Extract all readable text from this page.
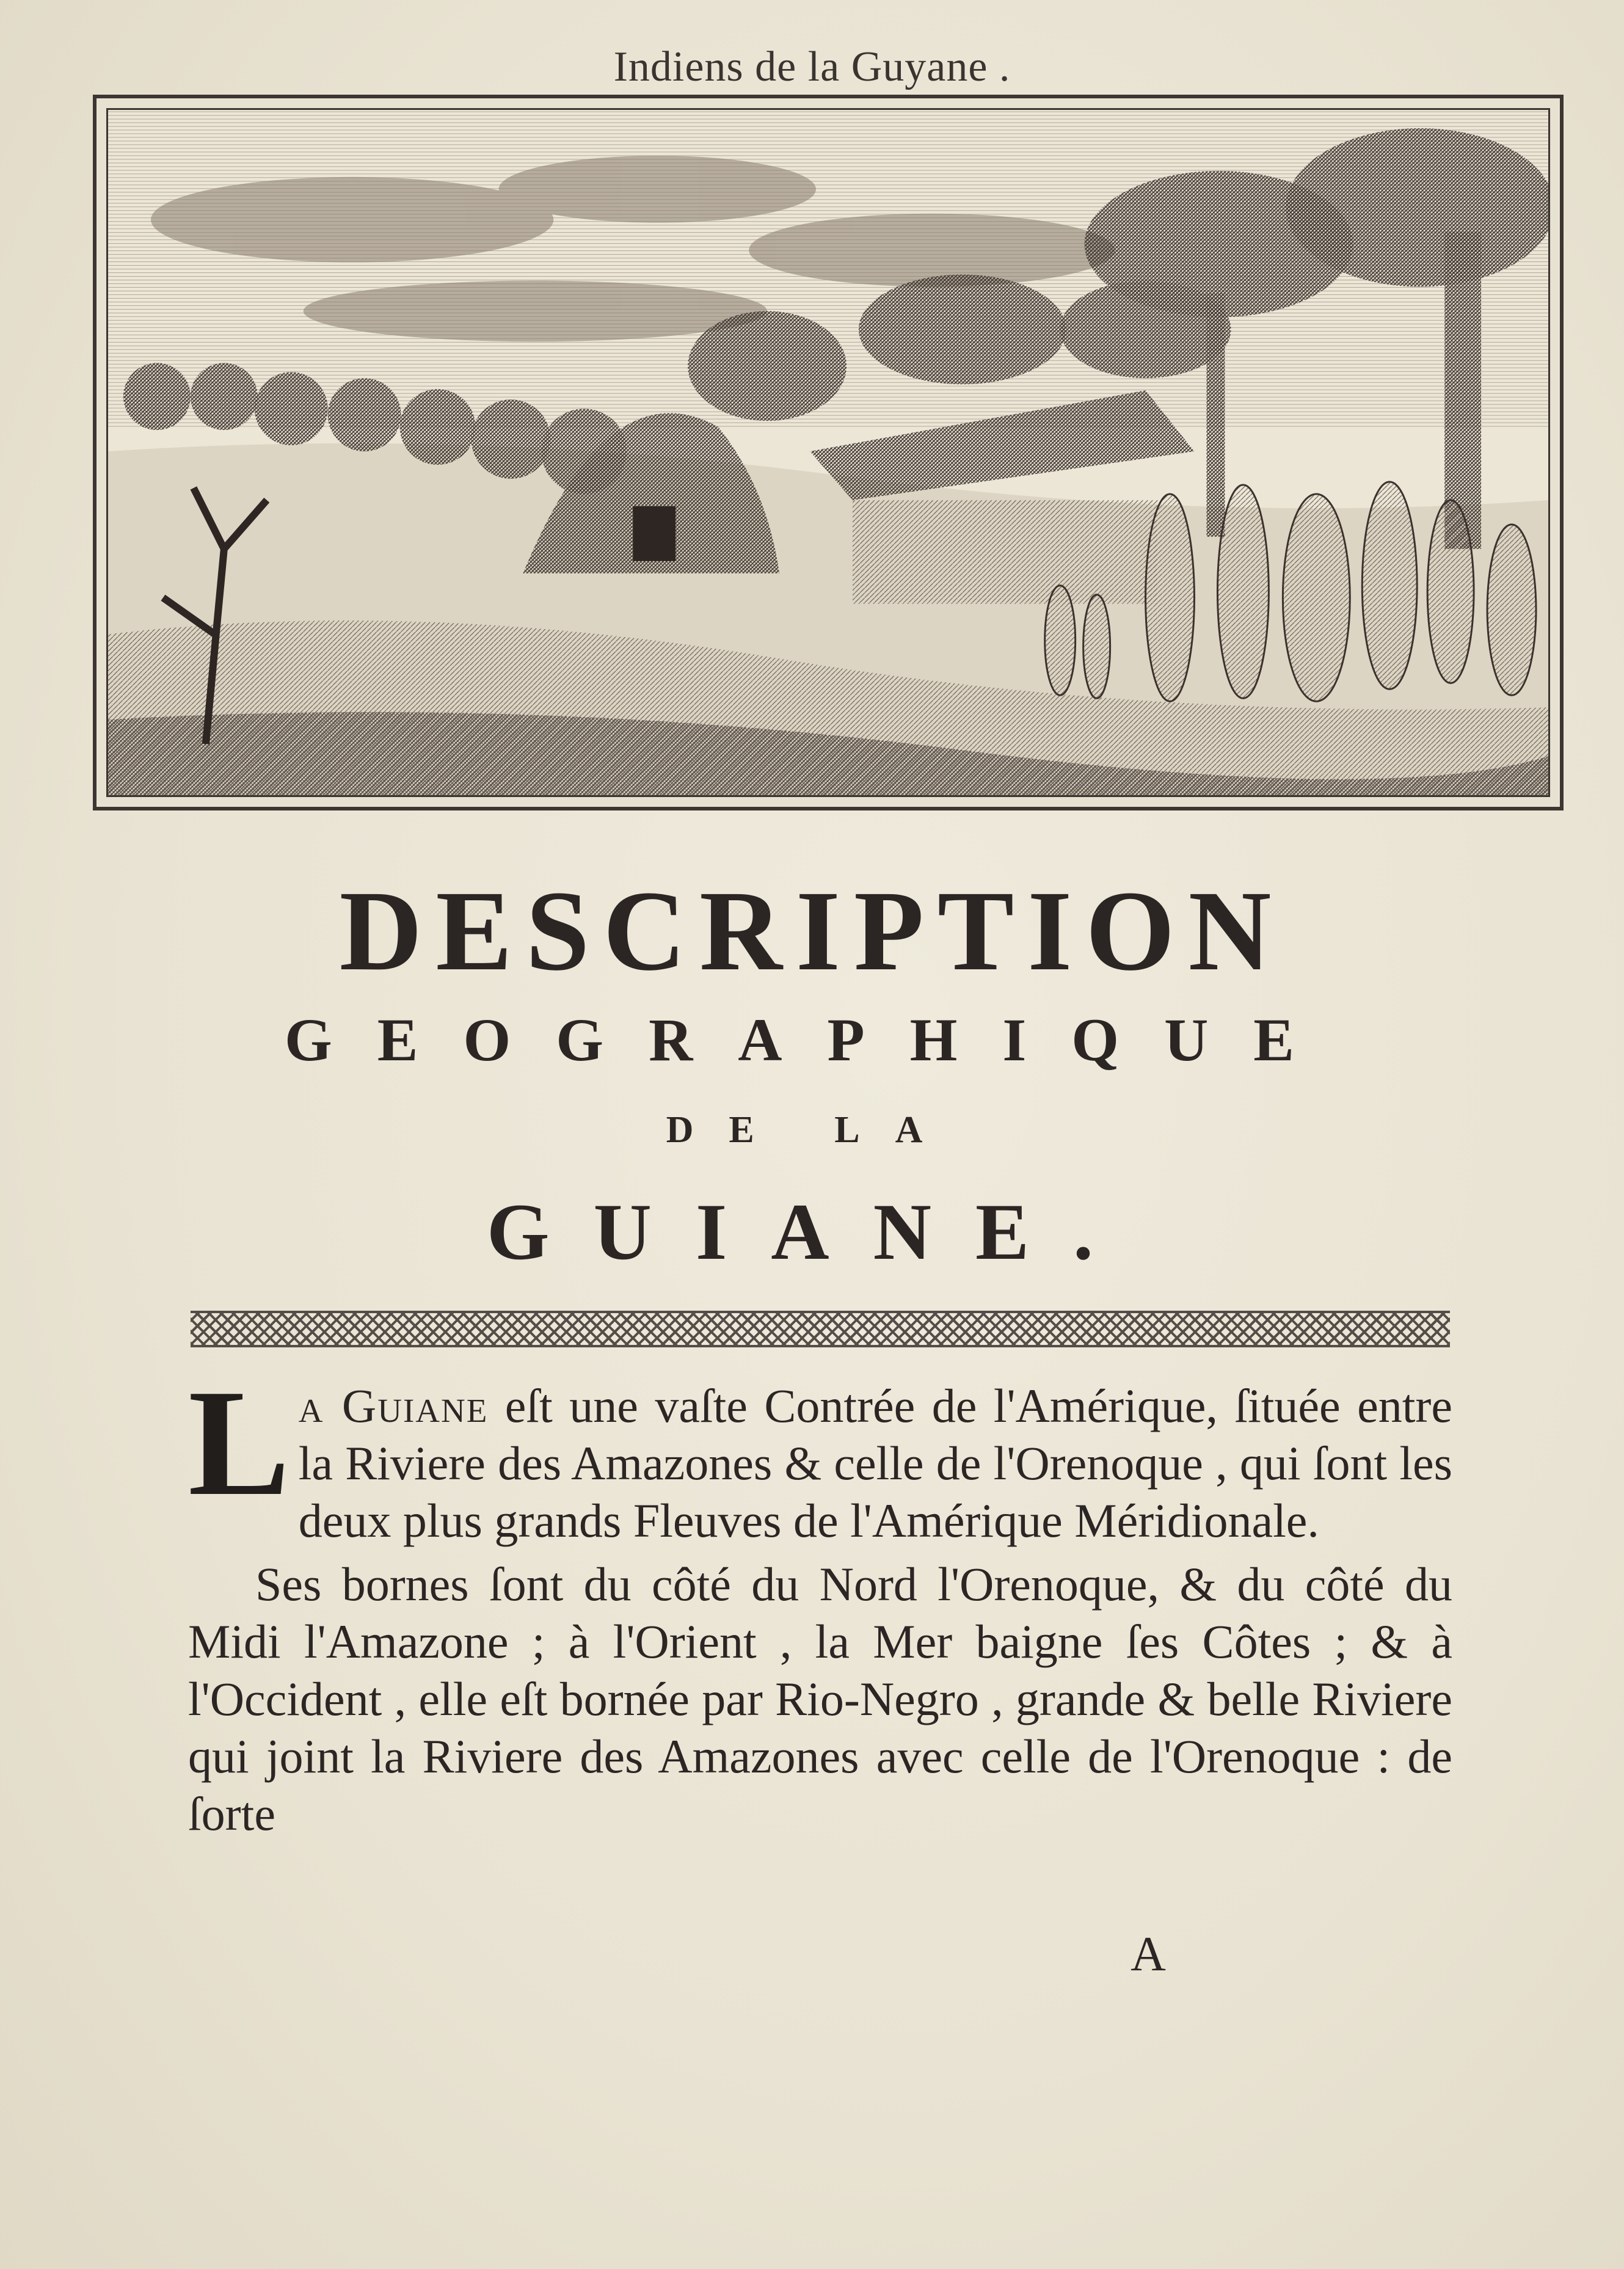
Indiens de la Guyane .
DESCRIPTION
GEOGRAPHIQUE
DE LA
GUIANE.

La Guiane eſt une vaſte Contrée de l'Amérique, ſituée entre la Riviere des Amazones & celle de l'Orenoque , qui ſont les deux plus grands Fleuves de l'Amérique Méridionale.

Ses bornes ſont du côté du Nord l'Orenoque, & du côté du Midi l'Amazone ; à l'Orient , la Mer baigne ſes Côtes ; & à l'Occident , elle eſt bornée par Rio-Negro , grande & belle Riviere qui joint la Riviere des Amazones avec celle de l'Orenoque : de ſorte

A
